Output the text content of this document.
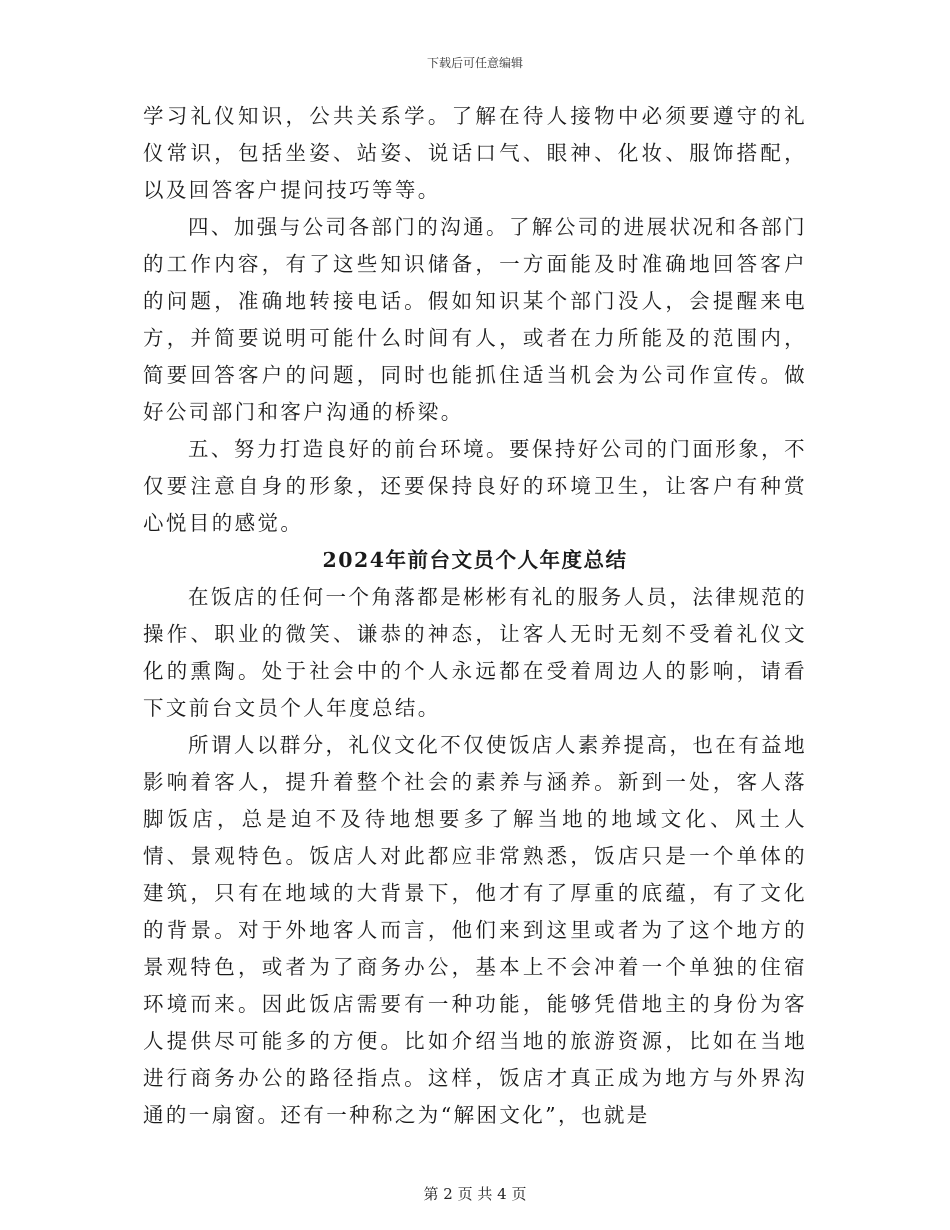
下载后可任意编辑

学习礼仪知识，公共关系学。了解在待人接物中必须要遵守的礼仪常识，包括坐姿、站姿、说话口气、眼神、化妆、服饰搭配，以及回答客户提问技巧等等。

四、加强与公司各部门的沟通。了解公司的进展状况和各部门的工作内容，有了这些知识储备，一方面能及时准确地回答客户的问题，准确地转接电话。假如知识某个部门没人，会提醒来电方，并简要说明可能什么时间有人，或者在力所能及的范围内，简要回答客户的问题，同时也能抓住适当机会为公司作宣传。做好公司部门和客户沟通的桥梁。

五、努力打造良好的前台环境。要保持好公司的门面形象，不仅要注意自身的形象，还要保持良好的环境卫生，让客户有种赏心悦目的感觉。

2024年前台文员个人年度总结

在饭店的任何一个角落都是彬彬有礼的服务人员，法律规范的操作、职业的微笑、谦恭的神态，让客人无时无刻不受着礼仪文化的熏陶。处于社会中的个人永远都在受着周边人的影响，请看下文前台文员个人年度总结。

所谓人以群分，礼仪文化不仅使饭店人素养提高，也在有益地影响着客人，提升着整个社会的素养与涵养。新到一处，客人落脚饭店，总是迫不及待地想要多了解当地的地域文化、风土人情、景观特色。饭店人对此都应非常熟悉，饭店只是一个单体的建筑，只有在地域的大背景下，他才有了厚重的底蕴，有了文化的背景。对于外地客人而言，他们来到这里或者为了这个地方的景观特色，或者为了商务办公，基本上不会冲着一个单独的住宿环境而来。因此饭店需要有一种功能，能够凭借地主的身份为客人提供尽可能多的方便。比如介绍当地的旅游资源，比如在当地进行商务办公的路径指点。这样，饭店才真正成为地方与外界沟通的一扇窗。还有一种称之为“解困文化”，也就是

第 2 页 共 4 页
